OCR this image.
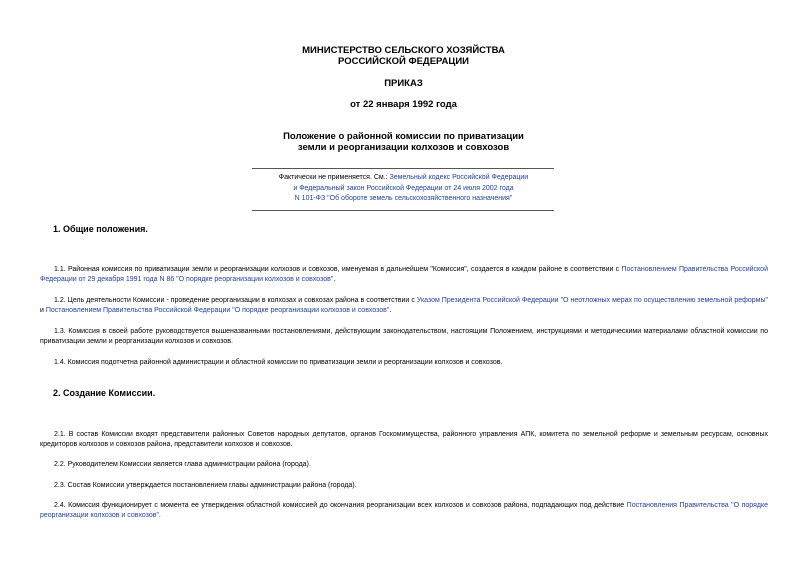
МИНИСТЕРСТВО СЕЛЬСКОГО ХОЗЯЙСТВА
РОССИЙСКОЙ ФЕДЕРАЦИИ
ПРИКАЗ
от 22 января 1992 года
Положение о районной комиссии по приватизации
земли и реорганизации колхозов и совхозов
Фактически не применяется. См.: Земельный кодекс Российской Федерации
и Федеральный закон Российской Федерации от 24 июля 2002 года
N 101-ФЗ "Об обороте земель сельскохозяйственного назначения"
1. Общие положения.
1.1. Районная комиссия по приватизации земли и реорганизации колхозов и совхозов, именуемая в дальнейшем "Комиссия", создается в каждом районе в соответствии с Постановлением Правительства Российской Федерации от 29 декабря 1991 года N 86 "О порядке реорганизации колхозов и совхозов".
1.2. Цель деятельности Комиссии - проведение реорганизации в колхозах и совхозах района в соответствии с Указом Президента Российской Федерации "О неотложных мерах по осуществлению земельной реформы" и Постановлением Правительства Российской Федерации "О порядке реорганизации колхозов и совхозов".
1.3. Комиссия в своей работе руководствуется вышеназванными постановлениями, действующим законодательством, настоящим Положением, инструкциями и методическими материалами областной комиссии по приватизации земли и реорганизации колхозов и совхозов.
1.4. Комиссия подотчетна районной администрации и областной комиссии по приватизации земли и реорганизации колхозов и совхозов.
2. Создание Комиссии.
2.1. В состав Комиссии входят представители районных Советов народных депутатов, органов Госкомимущества, районного управления АПК, комитета по земельной реформе и земельным ресурсам, основных кредиторов колхозов и совхозов района, представители колхозов и совхозов.
2.2. Руководителем Комиссии является глава администрации района (города).
2.3. Состав Комиссии утверждается постановлением главы администрации района (города).
2.4. Комиссия функционирует с момента ее утверждения областной комиссией до окончания реорганизации всех колхозов и совхозов района, подпадающих под действие Постановления Правительства "О порядке реорганизации колхозов и совхозов".
